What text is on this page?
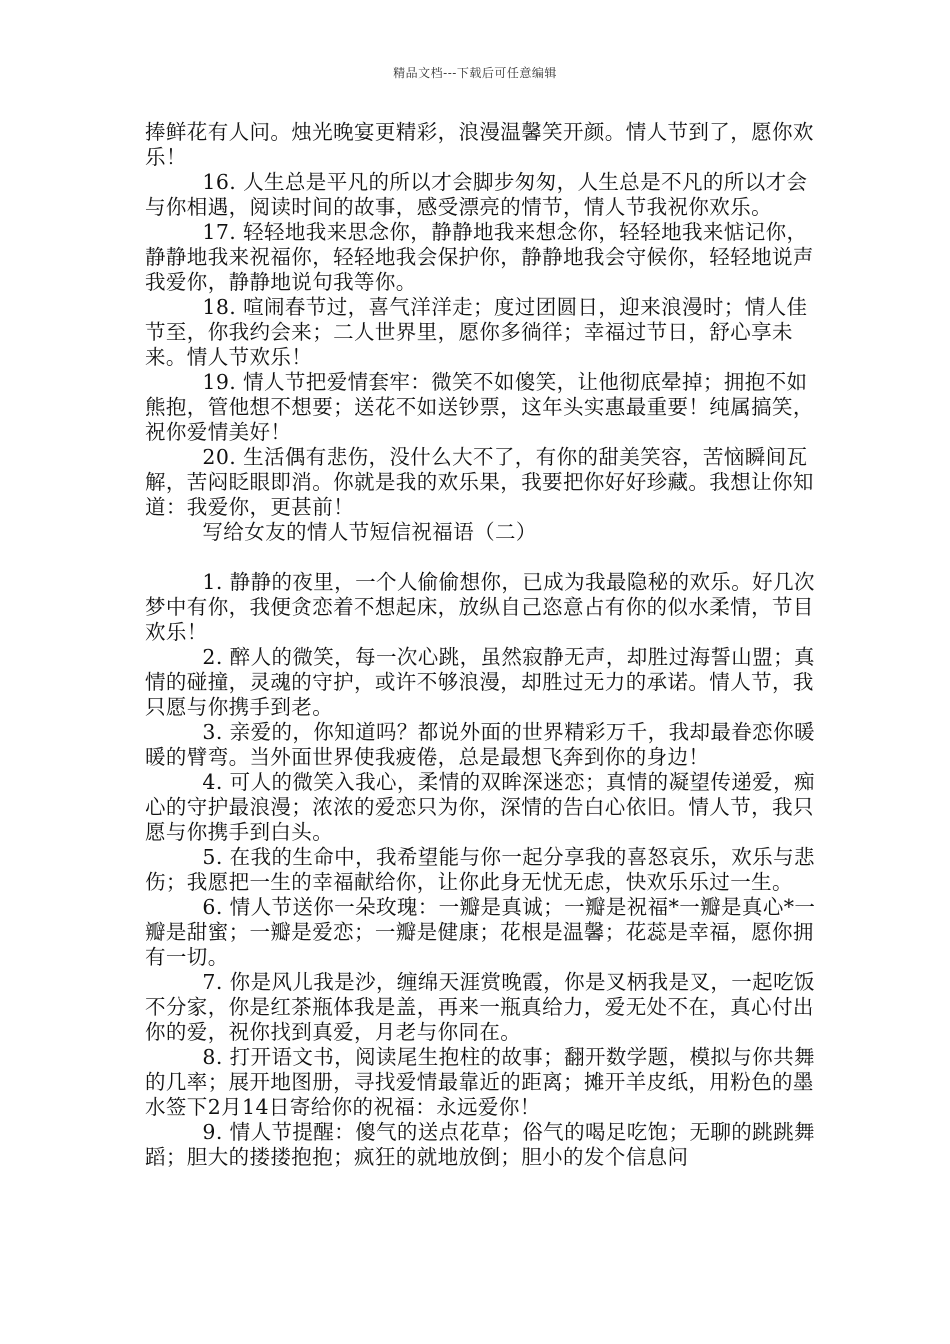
精品文档---下载后可任意编辑

捧鲜花有人问。烛光晚宴更精彩，浪漫温馨笑开颜。情人节到了，愿你欢乐！

16. 人生总是平凡的所以才会脚步匆匆，人生总是不凡的所以才会与你相遇，阅读时间的故事，感受漂亮的情节，情人节我祝你欢乐。

17. 轻轻地我来思念你，静静地我来想念你，轻轻地我来惦记你，静静地我来祝福你，轻轻地我会保护你，静静地我会守候你，轻轻地说声我爱你，静静地说句我等你。

18. 喧闹春节过，喜气洋洋走；度过团圆日，迎来浪漫时；情人佳节至，你我约会来；二人世界里，愿你多徜徉；幸福过节日，舒心享未来。情人节欢乐！

19. 情人节把爱情套牢：微笑不如傻笑，让他彻底晕掉；拥抱不如熊抱，管他想不想要；送花不如送钞票，这年头实惠最重要！纯属搞笑，祝你爱情美好！

20. 生活偶有悲伤，没什么大不了，有你的甜美笑容，苦恼瞬间瓦解，苦闷眨眼即消。你就是我的欢乐果，我要把你好好珍藏。我想让你知道：我爱你，更甚前！

写给女友的情人节短信祝福语（二）

1. 静静的夜里，一个人偷偷想你，已成为我最隐秘的欢乐。好几次梦中有你，我便贪恋着不想起床，放纵自己恣意占有你的似水柔情，节目欢乐！

2. 醉人的微笑，每一次心跳，虽然寂静无声，却胜过海誓山盟；真情的碰撞，灵魂的守护，或许不够浪漫，却胜过无力的承诺。情人节，我只愿与你携手到老。

3. 亲爱的，你知道吗？都说外面的世界精彩万千，我却最眷恋你暖暖的臂弯。当外面世界使我疲倦，总是最想飞奔到你的身边！

4. 可人的微笑入我心，柔情的双眸深迷恋；真情的凝望传递爱，痴心的守护最浪漫；浓浓的爱恋只为你，深情的告白心依旧。情人节，我只愿与你携手到白头。

5. 在我的生命中，我希望能与你一起分享我的喜怒哀乐，欢乐与悲伤；我愿把一生的幸福献给你，让你此身无忧无虑，快欢乐乐过一生。

6. 情人节送你一朵玫瑰：一瓣是真诚；一瓣是祝福*一瓣是真心*一瓣是甜蜜；一瓣是爱恋；一瓣是健康；花根是温馨；花蕊是幸福，愿你拥有一切。

7. 你是风儿我是沙，缠绵天涯赏晚霞，你是叉柄我是叉，一起吃饭不分家，你是红茶瓶体我是盖，再来一瓶真给力，爱无处不在，真心付出你的爱，祝你找到真爱，月老与你同在。

8. 打开语文书，阅读尾生抱柱的故事；翻开数学题，模拟与你共舞的几率；展开地图册，寻找爱情最靠近的距离；摊开羊皮纸，用粉色的墨水签下2月14日寄给你的祝福：永远爱你！

9. 情人节提醒：傻气的送点花草；俗气的喝足吃饱；无聊的跳跳舞蹈；胆大的搂搂抱抱；疯狂的就地放倒；胆小的发个信息问
